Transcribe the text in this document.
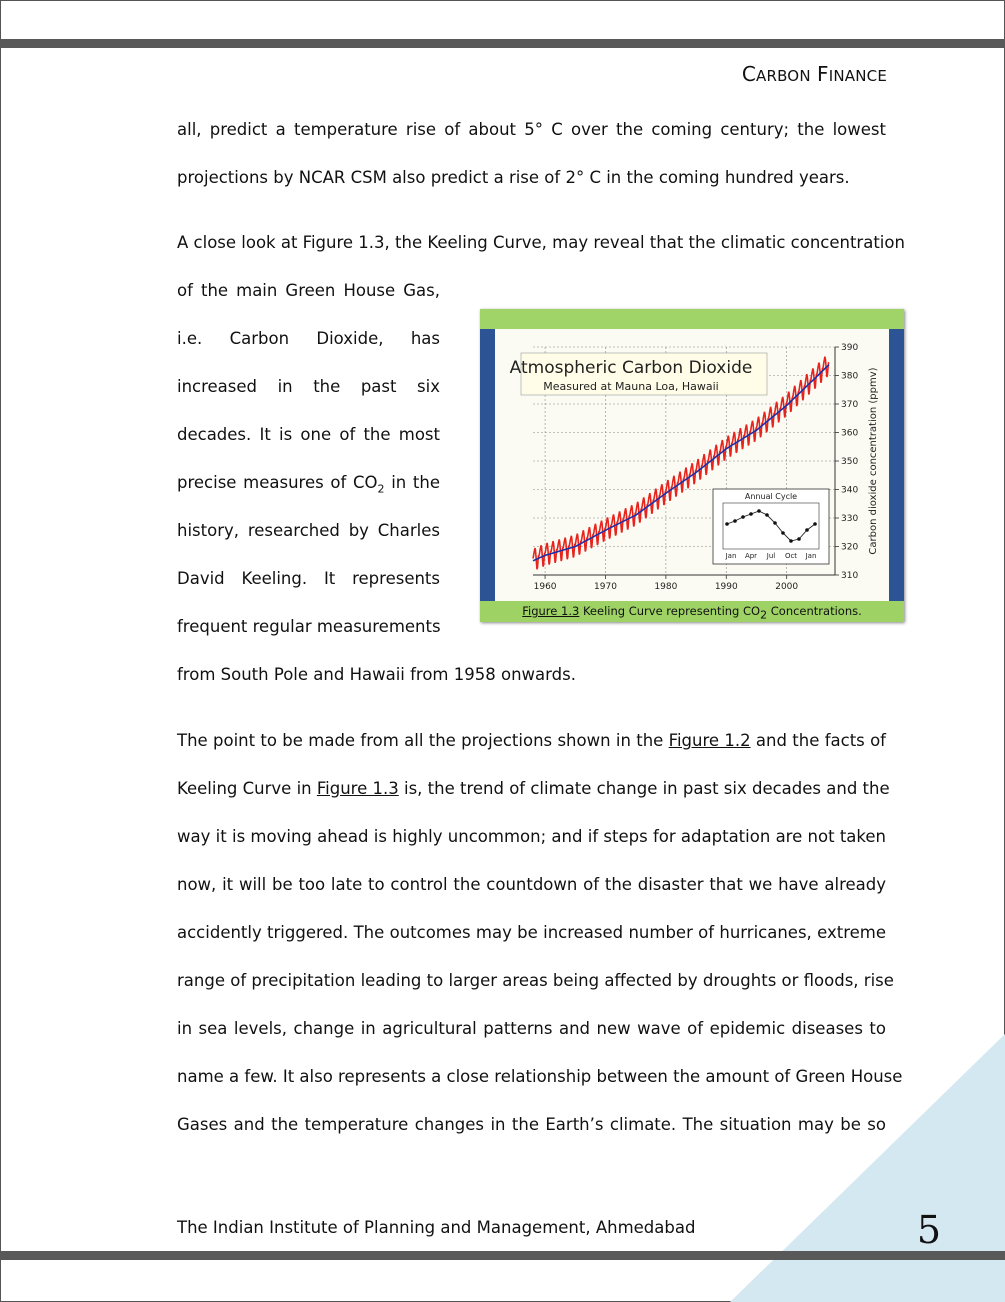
CARBON FINANCE
all, predict a temperature rise of about 5° C over the coming century; the lowest
projections by NCAR CSM also predict a rise of 2° C in the coming hundred years.
A close look at Figure 1.3, the Keeling Curve, may reveal that the climatic concentration
of the main Green House Gas,
i.e. Carbon Dioxide, has
increased in the past six
decades. It is one of the most
precise measures of $CO_2$ in the
history, researched by Charles
David Keeling. It represents
frequent regular measurements
from South Pole and Hawaii from 1958 onwards.
1960	1970	1980	1990	2000
310
320
330
340
350
360
370
380
390
Atmospheric Carbon Dioxide
Measured at Mauna Loa, Hawaii
Annual Cycle
Jan Apr Jul Oct Jan
Carbon dioxide concentration (ppmv)
Figure 1.3 Keeling Curve representing $CO_2$ Concentrations.
The point to be made from all the projections shown in the Figure 1.2 and the facts of
Keeling Curve in Figure 1.3 is, the trend of climate change in past six decades and the
way it is moving ahead is highly uncommon; and if steps for adaptation are not taken
now, it will be too late to control the countdown of the disaster that we have already
accidently triggered. The outcomes may be increased number of hurricanes, extreme
range of precipitation leading to larger areas being affected by droughts or floods, rise
in sea levels, change in agricultural patterns and new wave of epidemic diseases to
name a few. It also represents a close relationship between the amount of Green House
Gases and the temperature changes in the Earth’s climate. The situation may be so
The Indian Institute of Planning and Management, Ahmedabad	5
